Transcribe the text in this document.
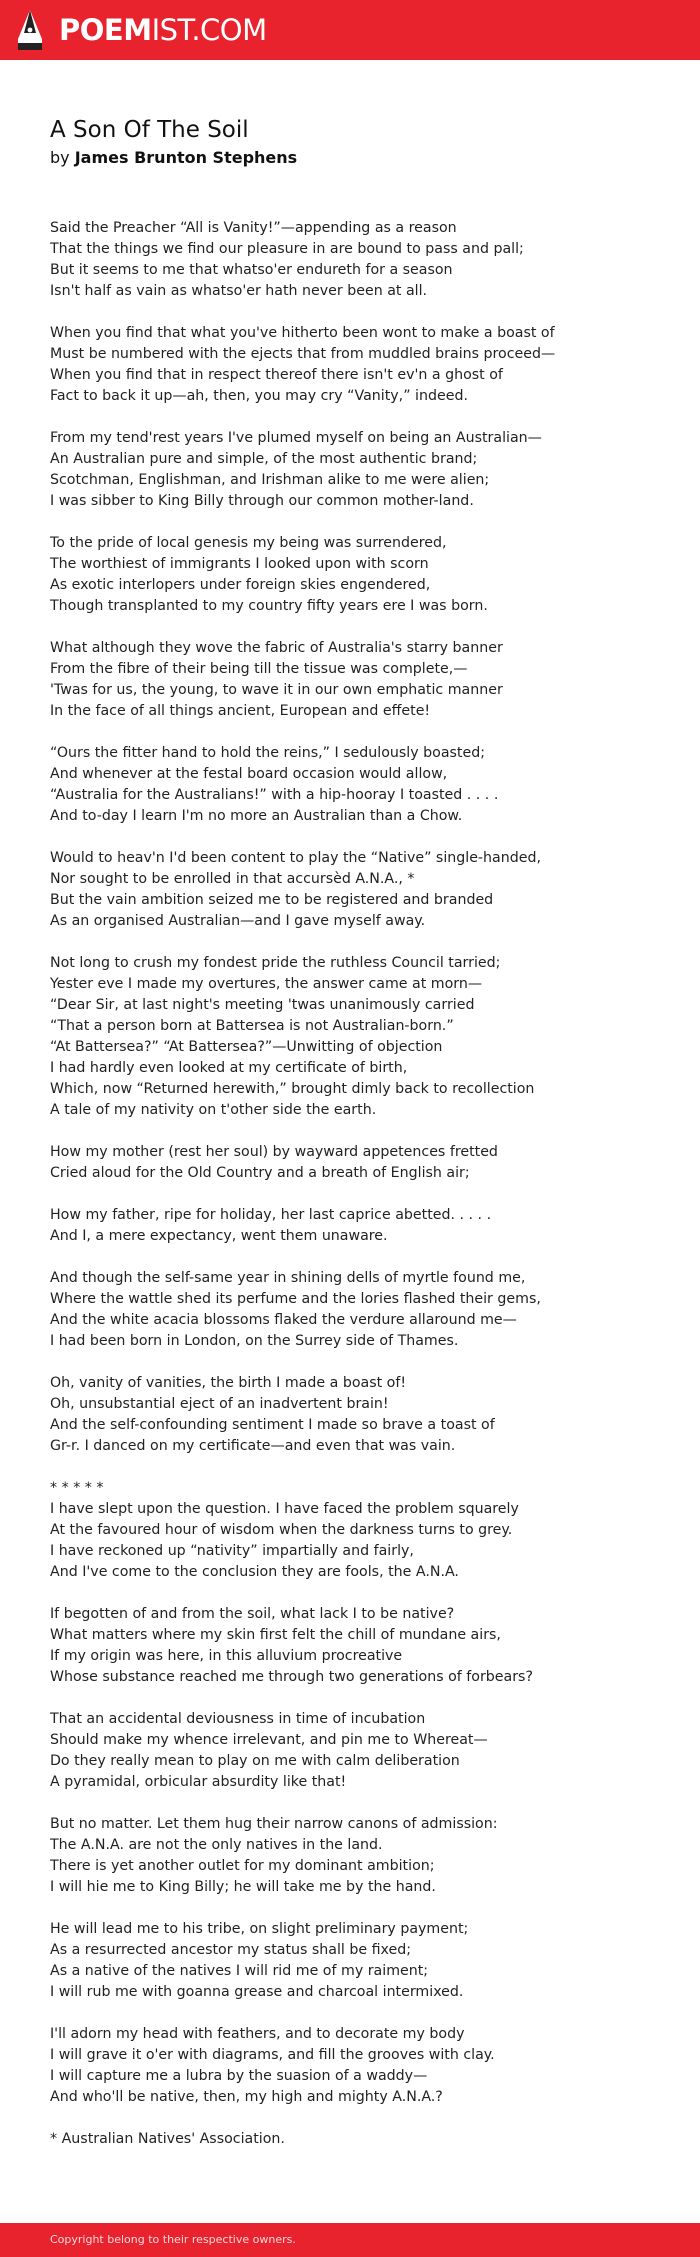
POEMIST.COM
A Son Of The Soil
by James Brunton Stephens
Said the Preacher “All is Vanity!”—appending as a reason
That the things we find our pleasure in are bound to pass and pall;
But it seems to me that whatso'er endureth for a season
Isn't half as vain as whatso'er hath never been at all.
When you find that what you've hitherto been wont to make a boast of
Must be numbered with the ejects that from muddled brains proceed—
When you find that in respect thereof there isn't ev'n a ghost of
Fact to back it up—ah, then, you may cry “Vanity,” indeed.
From my tend'rest years I've plumed myself on being an Australian—
An Australian pure and simple, of the most authentic brand;
Scotchman, Englishman, and Irishman alike to me were alien;
I was sibber to King Billy through our common mother-land.
To the pride of local genesis my being was surrendered,
The worthiest of immigrants I looked upon with scorn
As exotic interlopers under foreign skies engendered,
Though transplanted to my country fifty years ere I was born.
What although they wove the fabric of Australia's starry banner
From the fibre of their being till the tissue was complete,—
'Twas for us, the young, to wave it in our own emphatic manner
In the face of all things ancient, European and effete!
“Ours the fitter hand to hold the reins,” I sedulously boasted;
And whenever at the festal board occasion would allow,
“Australia for the Australians!” with a hip-hooray I toasted . . . .
And to-day I learn I'm no more an Australian than a Chow.
Would to heav'n I'd been content to play the “Native” single-handed,
Nor sought to be enrolled in that accursèd A.N.A., *
But the vain ambition seized me to be registered and branded
As an organised Australian—and I gave myself away.
Not long to crush my fondest pride the ruthless Council tarried;
Yester eve I made my overtures, the answer came at morn—
“Dear Sir, at last night's meeting 'twas unanimously carried
“That a person born at Battersea is not Australian-born.”
“At Battersea?” “At Battersea?”—Unwitting of objection
I had hardly even looked at my certificate of birth,
Which, now “Returned herewith,” brought dimly back to recollection
A tale of my nativity on t'other side the earth.
How my mother (rest her soul) by wayward appetences fretted
Cried aloud for the Old Country and a breath of English air;
How my father, ripe for holiday, her last caprice abetted. . . . .
And I, a mere expectancy, went them unaware.
And though the self-same year in shining dells of myrtle found me,
Where the wattle shed its perfume and the lories flashed their gems,
And the white acacia blossoms flaked the verdure allaround me—
I had been born in London, on the Surrey side of Thames.
Oh, vanity of vanities, the birth I made a boast of!
Oh, unsubstantial eject of an inadvertent brain!
And the self-confounding sentiment I made so brave a toast of
Gr-r. I danced on my certificate—and even that was vain.
* * * * *
I have slept upon the question. I have faced the problem squarely
At the favoured hour of wisdom when the darkness turns to grey.
I have reckoned up “nativity” impartially and fairly,
And I've come to the conclusion they are fools, the A.N.A.
If begotten of and from the soil, what lack I to be native?
What matters where my skin first felt the chill of mundane airs,
If my origin was here, in this alluvium procreative
Whose substance reached me through two generations of forbears?
That an accidental deviousness in time of incubation
Should make my whence irrelevant, and pin me to Whereat—
Do they really mean to play on me with calm deliberation
A pyramidal, orbicular absurdity like that!
But no matter. Let them hug their narrow canons of admission:
The A.N.A. are not the only natives in the land.
There is yet another outlet for my dominant ambition;
I will hie me to King Billy; he will take me by the hand.
He will lead me to his tribe, on slight preliminary payment;
As a resurrected ancestor my status shall be fixed;
As a native of the natives I will rid me of my raiment;
I will rub me with goanna grease and charcoal intermixed.
I'll adorn my head with feathers, and to decorate my body
I will grave it o'er with diagrams, and fill the grooves with clay.
I will capture me a lubra by the suasion of a waddy—
And who'll be native, then, my high and mighty A.N.A.?
* Australian Natives' Association.
Copyright belong to their respective owners.
